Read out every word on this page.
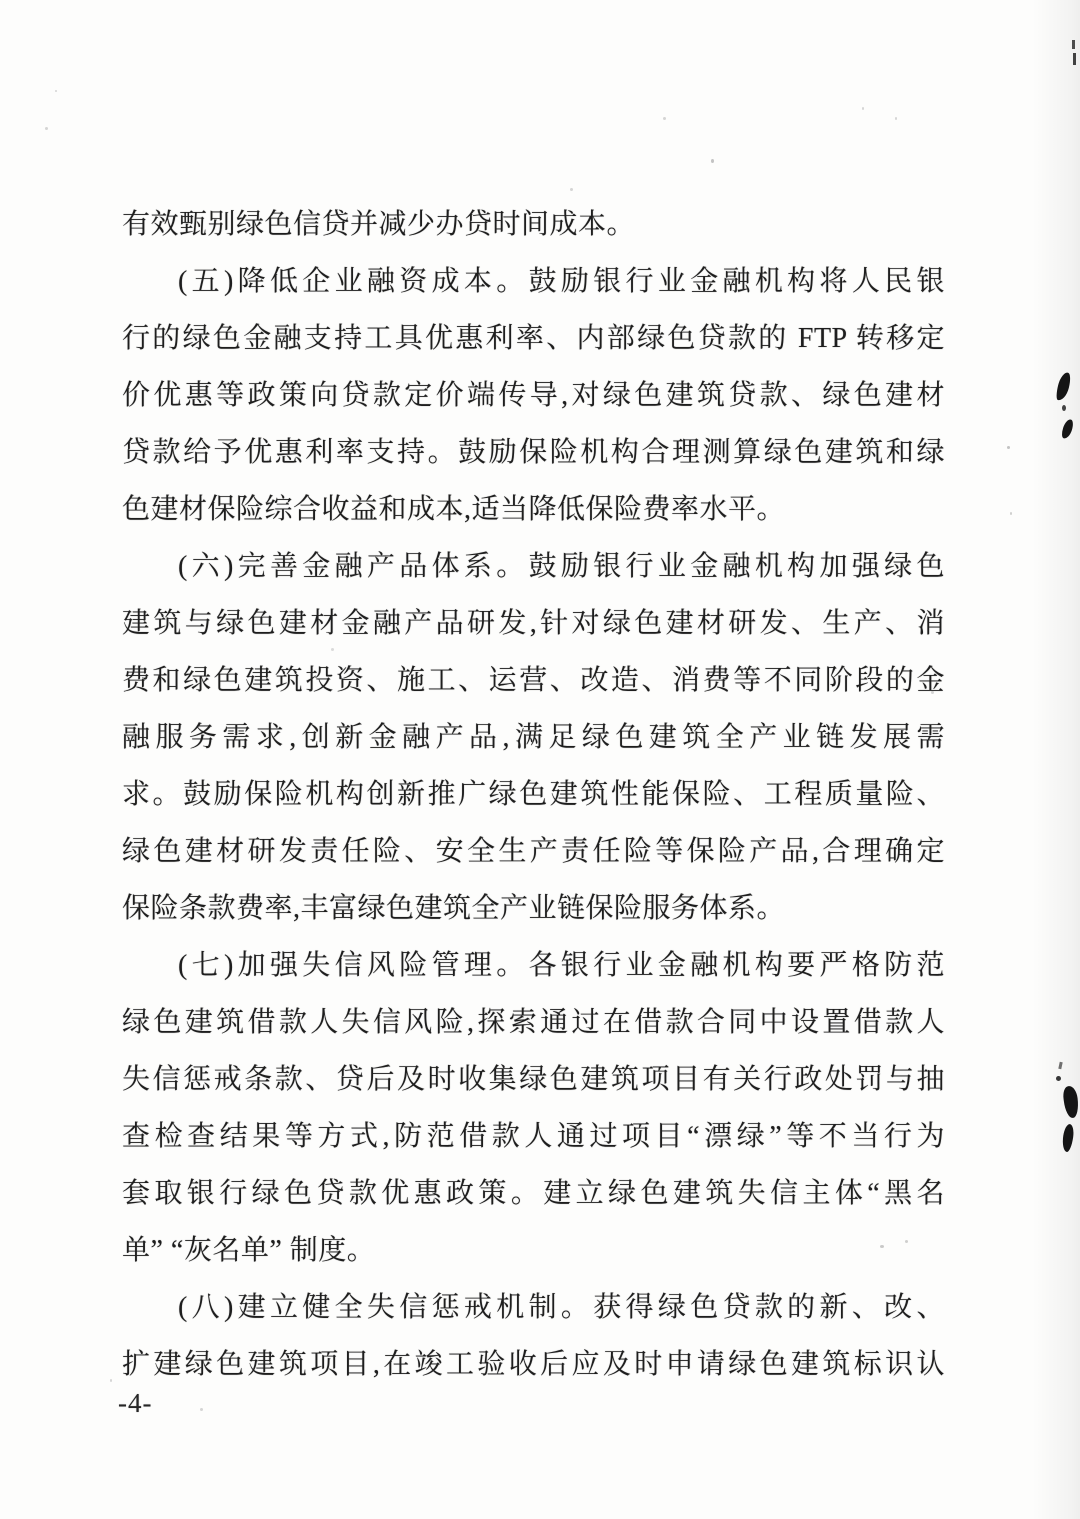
有效甄别绿色信贷并减少办贷时间成本。
(五)降低企业融资成本。鼓励银行业金融机构将人民银
行的绿色金融支持工具优惠利率、内部绿色贷款的 FTP 转移定
价优惠等政策向贷款定价端传导,对绿色建筑贷款、绿色建材
贷款给予优惠利率支持。鼓励保险机构合理测算绿色建筑和绿
色建材保险综合收益和成本,适当降低保险费率水平。
(六)完善金融产品体系。鼓励银行业金融机构加强绿色
建筑与绿色建材金融产品研发,针对绿色建材研发、生产、消
费和绿色建筑投资、施工、运营、改造、消费等不同阶段的金
融服务需求,创新金融产品,满足绿色建筑全产业链发展需
求。鼓励保险机构创新推广绿色建筑性能保险、工程质量险、
绿色建材研发责任险、安全生产责任险等保险产品,合理确定
保险条款费率,丰富绿色建筑全产业链保险服务体系。
(七)加强失信风险管理。各银行业金融机构要严格防范
绿色建筑借款人失信风险,探索通过在借款合同中设置借款人
失信惩戒条款、贷后及时收集绿色建筑项目有关行政处罚与抽
查检查结果等方式,防范借款人通过项目“漂绿”等不当行为
套取银行绿色贷款优惠政策。建立绿色建筑失信主体“黑名
单” “灰名单” 制度。
(八)建立健全失信惩戒机制。获得绿色贷款的新、改、
扩建绿色建筑项目,在竣工验收后应及时申请绿色建筑标识认
-4-
